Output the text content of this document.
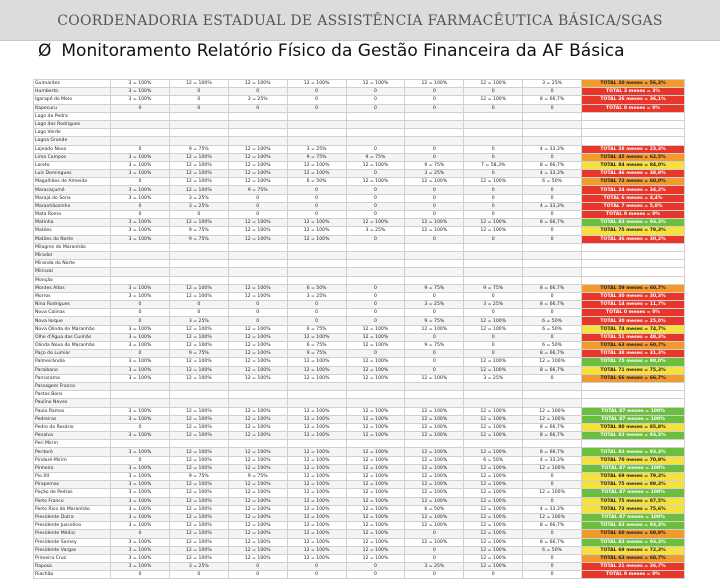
COORDENADORIA ESTADUAL DE ASSISTÊNCIA FARMACÊUTICA BÁSICA/SGAS
Ø Monitoramento Relatório Físico da Gestão Financeira da AF Básica
Guimarães	3 = 100%	12 = 100%	12 = 100%	12 = 100%	12 = 100%	12 = 100%	12 = 100%	3 = 25%	TOTAL 20 meses = 56,3%
Humberto	3 = 100%	0	0	0	0	0	0	0	TOTAL 3 meses = 3%
Igarapé do Meio	3 = 100%	0	3 = 25%	0	0	0	12 = 100%	8 = 66,7%	TOTAL 26 meses = 36,1%
Itapecuru	0	0	0	0	0	0	0	0	TOTAL 0 meses = 0%
Lago da Pedra									
Lago dos Rodrigues									
Lago Verde									
Lagoa Grande									
Lajeado Novo	0	9 = 75%	12 = 100%	3 = 25%	0	0	0	4 = 33,3%	TOTAL 28 meses = 23,3%
Lima Campos	3 = 100%	12 = 100%	12 = 100%	9 = 75%	9 = 75%	0	0	0	TOTAL 45 meses = 62,5%
Loreto	3 = 100%	12 = 100%	12 = 100%	12 = 100%	12 = 100%	9 = 75%	7 = 58,3%	8 = 66,7%	TOTAL 84 meses = 84,0%
Luís Domingues	3 = 100%	12 = 100%	12 = 100%	12 = 100%	0	3 = 25%	0	4 = 33,3%	TOTAL 46 meses = 38,8%
Magalhães de Almeida	0	12 = 100%	12 = 100%	6 = 50%	12 = 100%	12 = 100%	12 = 100%	6 = 50%	TOTAL 72 meses = 60,0%
Maracaçumé	3 = 100%	12 = 100%	9 = 75%	0	0	0	0	0	TOTAL 24 meses = 34,2%
Marajá do Sena	3 = 100%	3 = 25%	0	0	0	0	0	0	TOTAL 6 meses = 4,4%
Maranhãozinho	0	3 = 25%	0	0	0	0	0	4 = 33,3%	TOTAL 7 meses = 5,8%
Mata Roma	0	0	0	0	0	0	0	0	TOTAL 0 meses = 0%
Matinha	3 = 100%	12 = 100%	12 = 100%	12 = 100%	12 = 100%	12 = 100%	12 = 100%	8 = 66,7%	TOTAL 83 meses = 93,3%
Matões	3 = 100%	9 = 75%	12 = 100%	12 = 100%	3 = 25%	12 = 100%	12 = 100%	0	TOTAL 75 meses = 79,3%
Matões do Norte	3 = 100%	9 = 75%	12 = 100%	12 = 100%	0	0	0	0	TOTAL 36 meses = 30,2%
Milagres do Maranhão									
Mirador									
Miranda do Norte									
Mirinzal									
Monção									
Montes Altos	3 = 100%	12 = 100%	12 = 100%	6 = 50%	0	9 = 75%	9 = 75%	8 = 66,7%	TOTAL 59 meses = 60,7%
Morros	3 = 100%	12 = 100%	12 = 100%	3 = 25%	0	0	0	0	TOTAL 30 meses = 30,3%
Nina Rodrigues	0	0	0	0	0	3 = 25%	3 = 25%	8 = 66,7%	TOTAL 14 meses = 11,7%
Nova Colinas	0	0	0	0	0	0	0	0	TOTAL 0 meses = 0%
Nova Iorque	0	3 = 25%	0	0	0	9 = 75%	12 = 100%	6 = 50%	TOTAL 30 meses = 25,0%
Nova Olinda do Maranhão	3 = 100%	12 = 100%	12 = 100%	6 = 75%	12 = 100%	12 = 100%	12 = 100%	6 = 50%	TOTAL 74 meses = 74,7%
Olho d'Água das Cunhãs	3 = 100%	12 = 100%	12 = 100%	12 = 100%	12 = 100%	0	0	0	TOTAL 51 meses = 48,3%
Olinda Nova do Maranhão	3 = 100%	12 = 100%	12 = 100%	6 = 75%	12 = 100%	9 = 75%	0	6 = 50%	TOTAL 63 meses = 60,7%
Paço do Lumiar	0	9 = 75%	12 = 100%	9 = 75%	0	0	0	8 = 66,7%	TOTAL 38 meses = 31,3%
Palmeirândia	3 = 100%	12 = 100%	12 = 100%	12 = 100%	12 = 100%	0	12 = 100%	12 = 100%	TOTAL 75 meses = 90,0%
Paraibano	3 = 100%	12 = 100%	12 = 100%	12 = 100%	12 = 100%	0	12 = 100%	8 = 66,7%	TOTAL 71 meses = 75,3%
Parnarama	3 = 100%	12 = 100%	12 = 100%	12 = 100%	12 = 100%	12 = 100%	3 = 25%	0	TOTAL 66 meses = 66,7%
Passagem Franca									
Pastos Bons									
Paulino Neves									
Paulo Ramos	3 = 100%	12 = 100%	12 = 100%	12 = 100%	12 = 100%	12 = 100%	12 = 100%	12 = 100%	TOTAL 87 meses = 100%
Pedreiras	3 = 100%	12 = 100%	12 = 100%	12 = 100%	12 = 100%	12 = 100%	12 = 100%	12 = 100%	TOTAL 87 meses = 100%
Pedro do Rosário	0	12 = 100%	12 = 100%	12 = 100%	12 = 100%	12 = 100%	12 = 100%	8 = 66,7%	TOTAL 80 meses = 85,8%
Penalva	3 = 100%	12 = 100%	12 = 100%	12 = 100%	12 = 100%	12 = 100%	12 = 100%	8 = 66,7%	TOTAL 83 meses = 93,3%
Peri Mirim									
Peritoró	3 = 100%	12 = 100%	12 = 100%	12 = 100%	12 = 100%	12 = 100%	12 = 100%	8 = 66,7%	TOTAL 83 meses = 93,3%
Pindaré-Mirim	0	12 = 100%	12 = 100%	12 = 100%	12 = 100%	12 = 100%	6 = 50%	4 = 33,3%	TOTAL 70 meses = 70,9%
Pinheiro	3 = 100%	12 = 100%	12 = 100%	12 = 100%	12 = 100%	12 = 100%	12 = 100%	12 = 100%	TOTAL 87 meses = 100%
Pio XII	3 = 100%	9 = 75%	9 = 75%	12 = 100%	12 = 100%	12 = 100%	12 = 100%	0	TOTAL 69 meses = 79,3%
Pirapemas	3 = 100%	12 = 100%	12 = 100%	12 = 100%	12 = 100%	12 = 100%	12 = 100%	0	TOTAL 75 meses = 89,3%
Poção de Pedras	3 = 100%	12 = 100%	12 = 100%	12 = 100%	12 = 100%	12 = 100%	12 = 100%	12 = 100%	TOTAL 87 meses = 100%
Porto Franco	3 = 100%	12 = 100%	12 = 100%	12 = 100%	12 = 100%	12 = 100%	12 = 100%	0	TOTAL 75 meses = 87,5%
Porto Rico do Maranhão	3 = 100%	12 = 100%	12 = 100%	12 = 100%	12 = 100%	6 = 50%	12 = 100%	4 = 33,3%	TOTAL 73 meses = 75,6%
Presidente Dutra	3 = 100%	12 = 100%	12 = 100%	12 = 100%	12 = 100%	12 = 100%	12 = 100%	12 = 100%	TOTAL 87 meses = 100%
Presidente Juscelino	3 = 100%	12 = 100%	12 = 100%	12 = 100%	12 = 100%	12 = 100%	12 = 100%	8 = 66,7%	TOTAL 83 meses = 93,3%
Presidente Médici	0	12 = 100%	12 = 100%	12 = 100%	12 = 100%	0	12 = 100%	0	TOTAL 60 meses = 69,9%
Presidente Sarney	3 = 100%	12 = 100%	12 = 100%	12 = 100%	12 = 100%	12 = 100%	12 = 100%	8 = 66,7%	TOTAL 83 meses = 93,3%
Presidente Vargas	3 = 100%	12 = 100%	12 = 100%	12 = 100%	12 = 100%	0	12 = 100%	6 = 50%	TOTAL 69 meses = 72,3%
Primeira Cruz	3 = 100%	12 = 100%	12 = 100%	12 = 100%	12 = 100%	0	12 = 100%	0	TOTAL 63 meses = 68,7%
Raposa	3 = 100%	3 = 25%	0	0	0	3 = 25%	12 = 100%	0	TOTAL 21 meses = 26,7%
Riachão	0	0	0	0	0	0	0	0	TOTAL 0 meses = 0%
